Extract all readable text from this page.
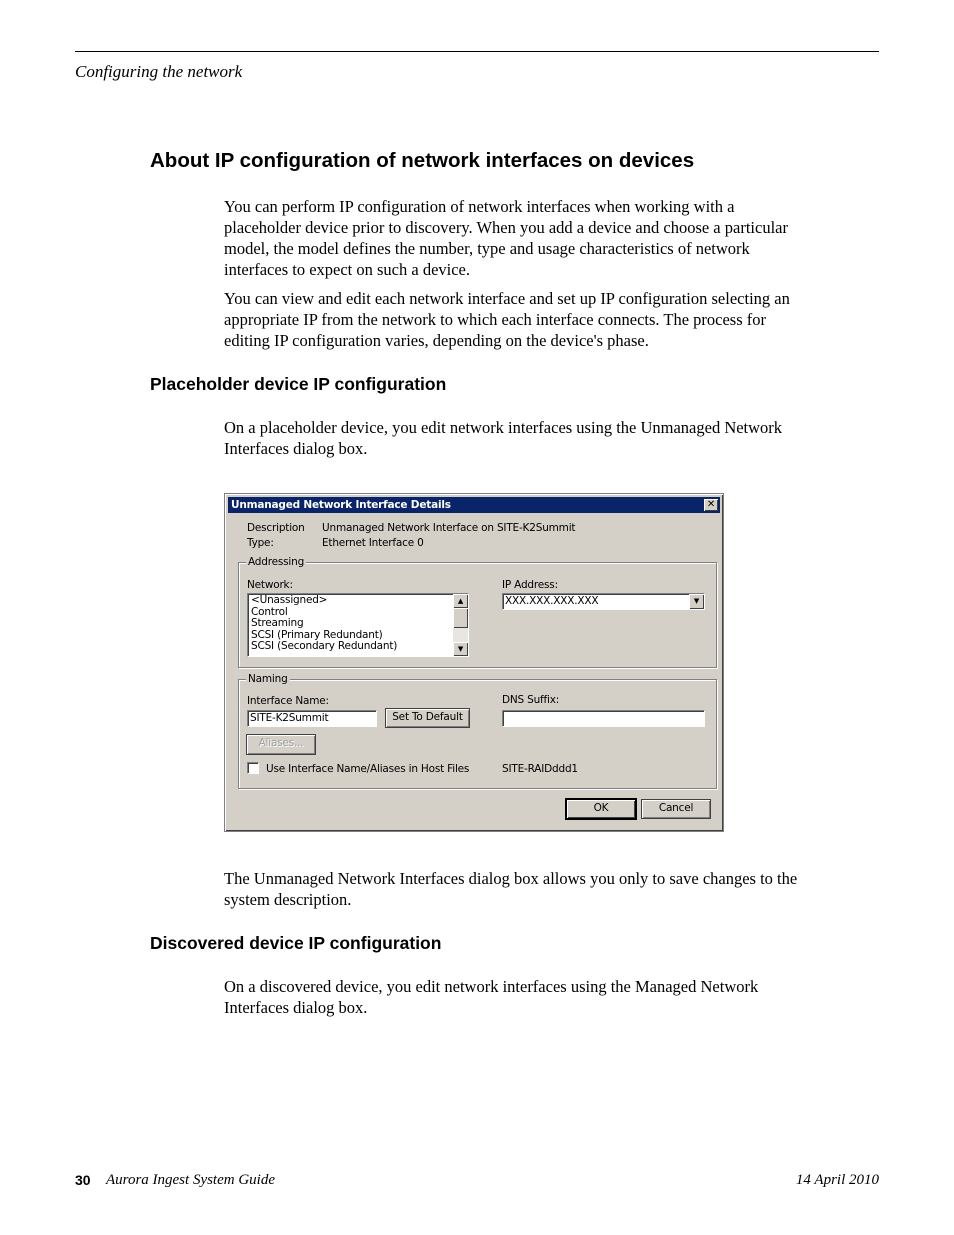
Configuring the network
About IP configuration of network interfaces on devices

You can perform IP configuration of network interfaces when working with a placeholder device prior to discovery. When you add a device and choose a particular model, the model defines the number, type and usage characteristics of network interfaces to expect on such a device.

You can view and edit each network interface and set up IP configuration selecting an appropriate IP from the network to which each interface connects. The process for editing IP configuration varies, depending on the device's phase.

Placeholder device IP configuration

On a placeholder device, you edit network interfaces using the Unmanaged Network Interfaces dialog box.

Unmanaged Network Interface Details	✕
Description Unmanaged Network Interface on SITE-K2Summit
Type:	Ethernet Interface 0
Addressing
Network:
<Unassigned>
Control
Streaming
SCSI (Primary Redundant)
SCSI (Secondary Redundant)
▲
▼
IP Address:
XXX.XXX.XXX.XXX	▼
Naming
Interface Name:
SITE-K2Summit	Set To Default
DNS Suffix:
Aliases...
Use Interface Name/Aliases in Host Files	SITE-RAIDddd1
OK	Cancel

The Unmanaged Network Interfaces dialog box allows you only to save changes to the system description.

Discovered device IP configuration

On a discovered device, you edit network interfaces using the Managed Network Interfaces dialog box.

30 Aurora Ingest System Guide	14 April 2010
